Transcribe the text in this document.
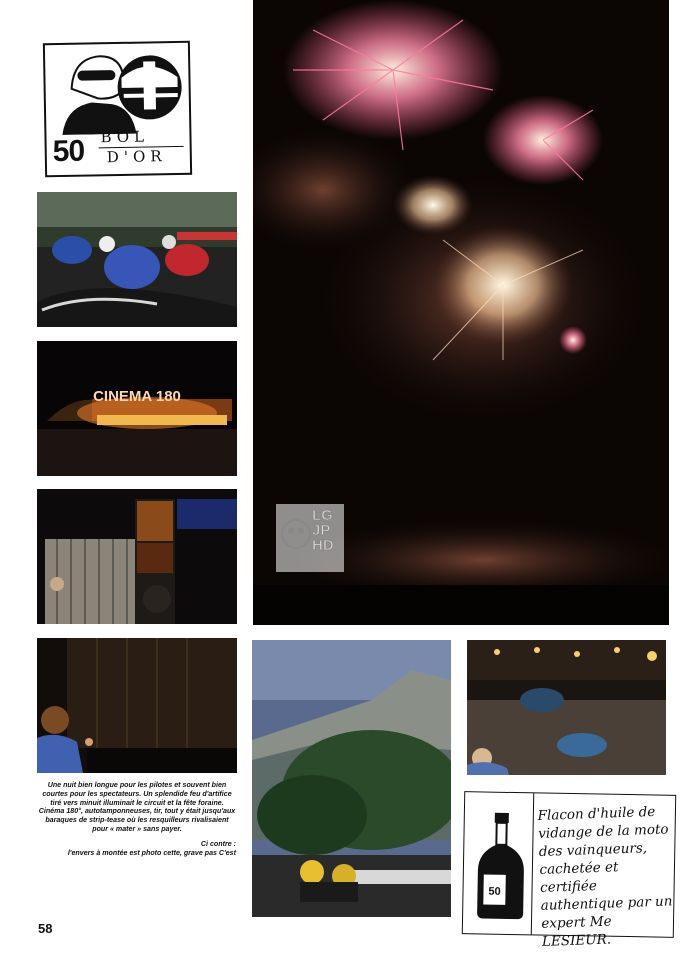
50 BOL
D'OR
CINEMA 180
Une nuit bien longue pour les pilotes et souvent bien courtes pour les spectateurs. Un splendide feu d'artifice tiré vers minuit illuminait le circuit et la fête foraine. Cinéma 180°, autotamponneuses, tir, tout y était jusqu'aux baraques de strip-tease où les resquilleurs rivalisaient pour « mater » sans payer.
Ci contre :
l'envers à montée est photo cette, grave pas C'est
50
Flacon d'huile de
vidange de la moto
des vainqueurs,
cachetée et certifiée
authentique par un
expert Me LESIEUR.
LG JP HD
58
